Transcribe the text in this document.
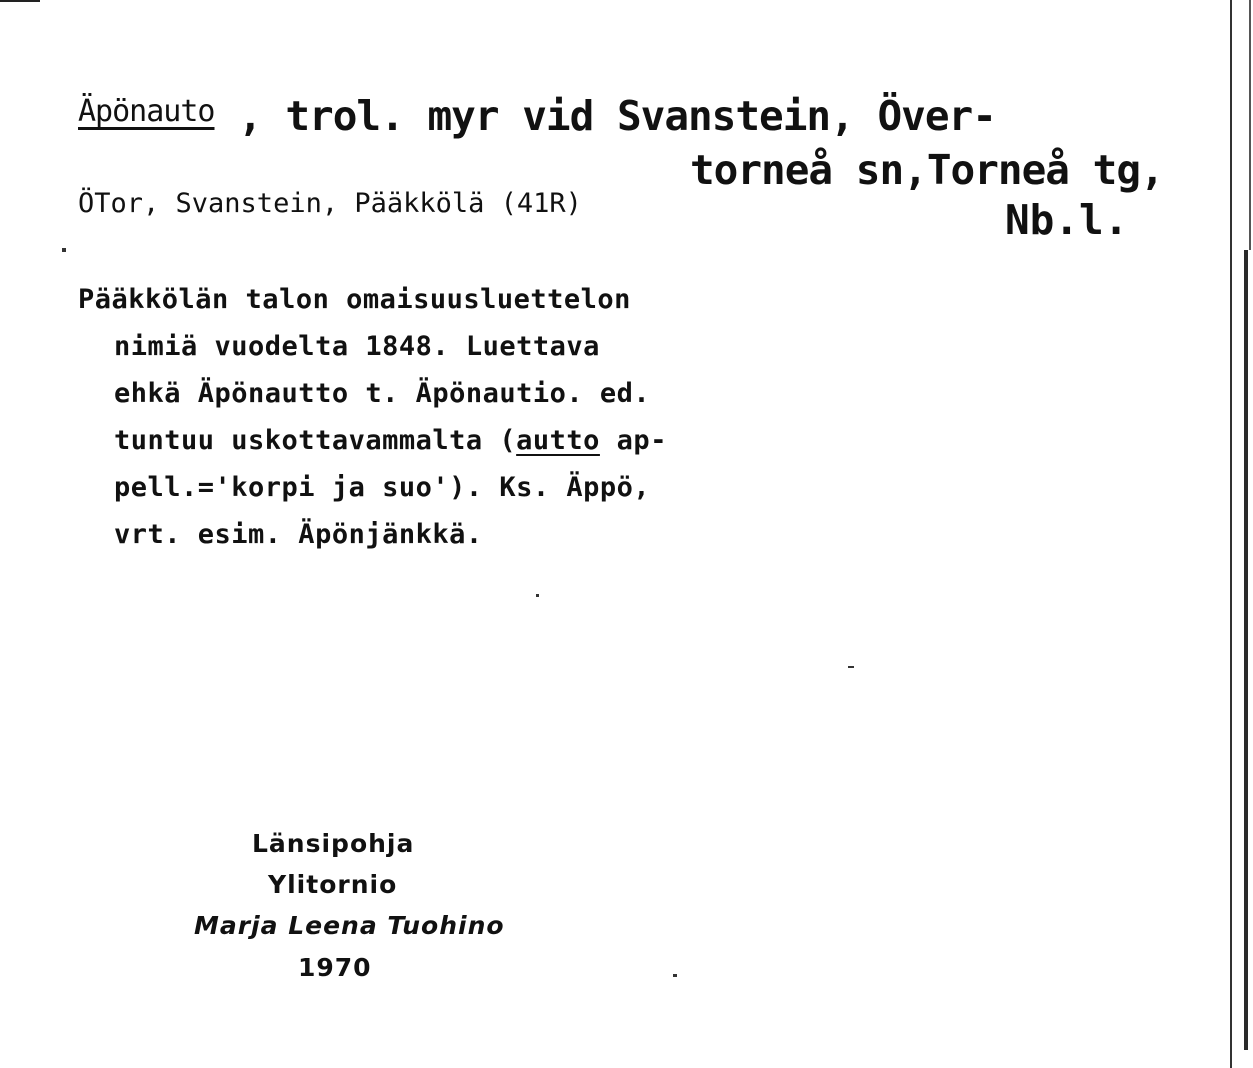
Äpönauto , trol. myr vid Svanstein, Över-
torneå sn,Torneå tg,
Nb.l.
ÖTor, Svanstein, Pääkkölä (41R)
Pääkkölän talon omaisuusluettelon
nimiä vuodelta 1848. Luettava
ehkä Äpönautto t. Äpönautio. ed.
tuntuu uskottavammalta (autto ap-
pell.='korpi ja suo'). Ks. Äppö,
vrt. esim. Äpönjänkkä.
Länsipohja
Ylitornio
Marja Leena Tuohino
1970
